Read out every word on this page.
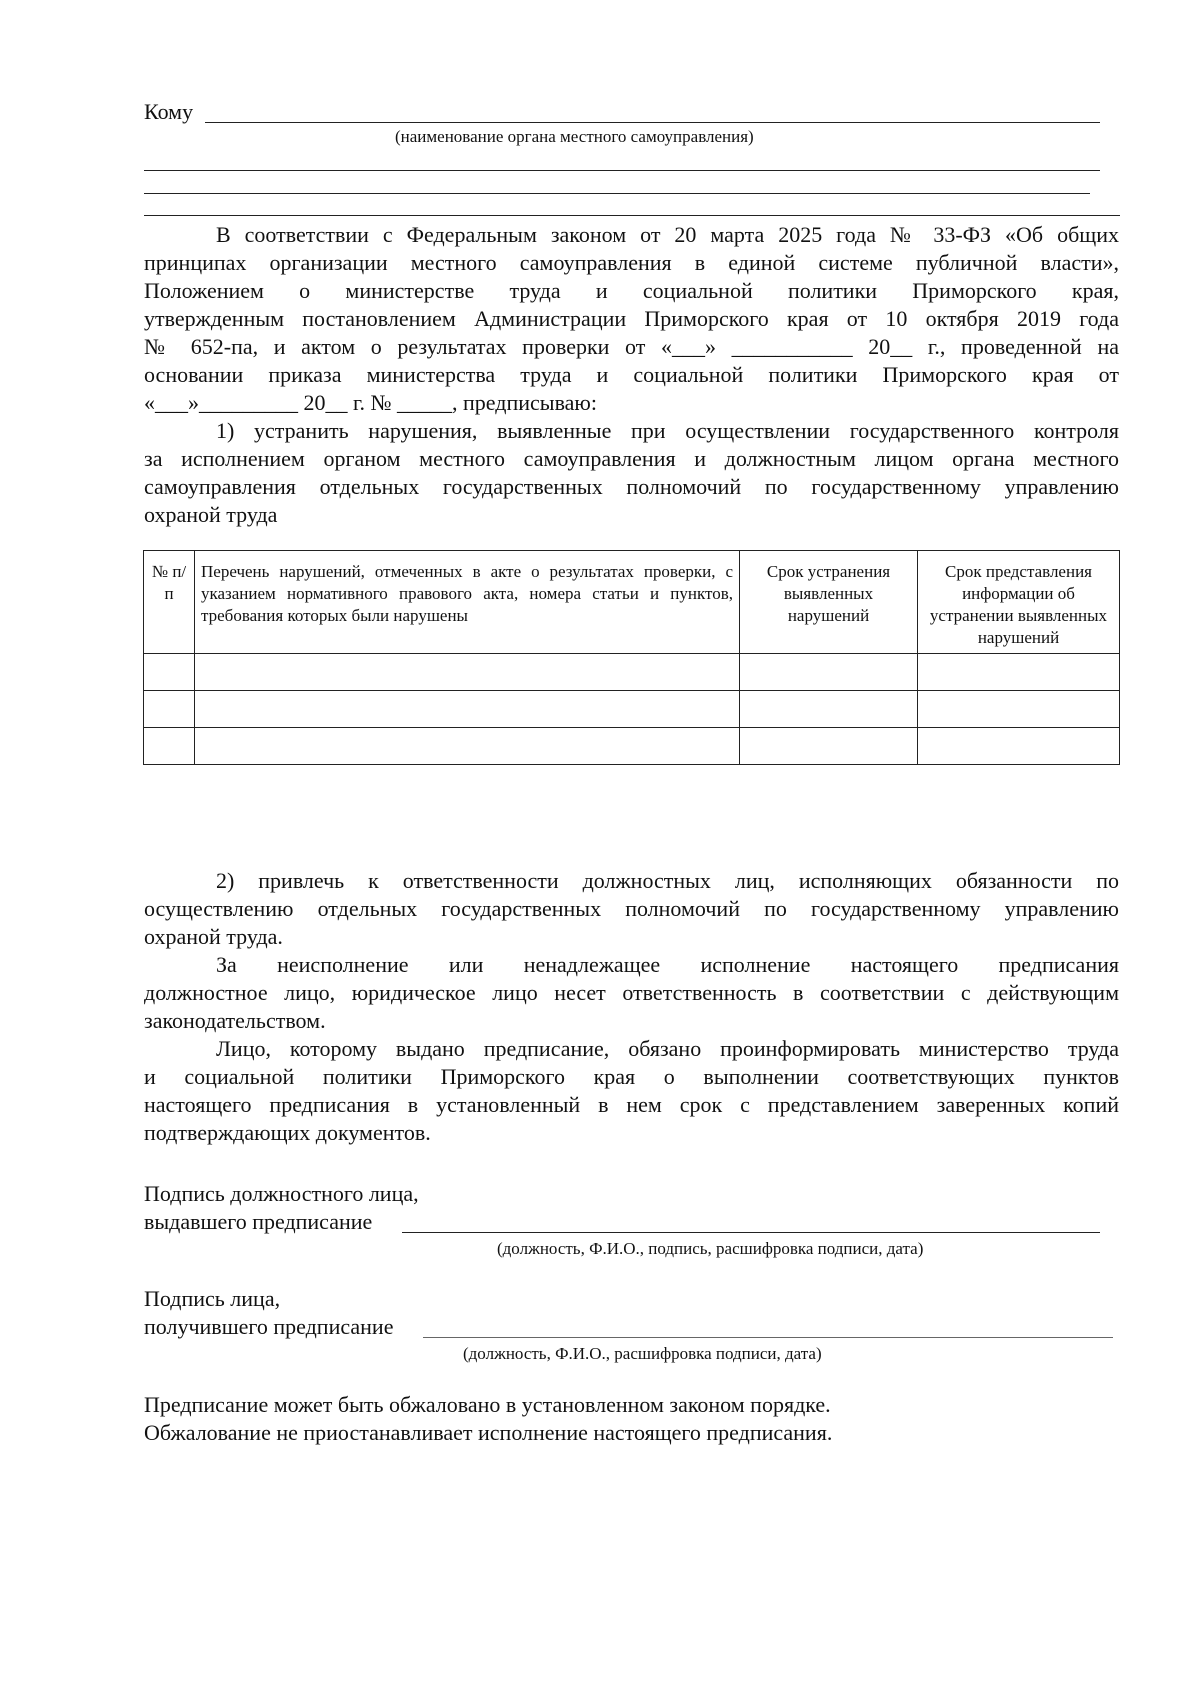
Кому
(наименование органа местного самоуправления)
В соответствии с Федеральным законом от 20 марта 2025 года № 33-ФЗ «Об общих
принципах организации местного самоуправления в единой системе публичной власти»,
Положением о министерстве труда и социальной политики Приморского края,
утвержденным постановлением Администрации Приморского края от 10 октября 2019 года
№ 652-па, и актом о результатах проверки от «___» ___________ 20__ г., проведенной на
основании приказа министерства труда и социальной политики Приморского края от
«___»_________ 20__ г. № _____, предписываю:
1) устранить нарушения, выявленные при осуществлении государственного контроля
за исполнением органом местного самоуправления и должностным лицом органа местного
самоуправления отдельных государственных полномочий по государственному управлению
охраной труда
№ п/п	Перечень нарушений, отмеченных в акте о результатах проверки, с указанием нормативного правового акта, номера статьи и пунктов, требования которых были нарушены	Срок устранения выявленных нарушений	Срок представления информации об устранении выявленных нарушений

2) привлечь к ответственности должностных лиц, исполняющих обязанности по
осуществлению отдельных государственных полномочий по государственному управлению
охраной труда.
За неисполнение или ненадлежащее исполнение настоящего предписания
должностное лицо, юридическое лицо несет ответственность в соответствии с действующим
законодательством.
Лицо, которому выдано предписание, обязано проинформировать министерство труда
и социальной политики Приморского края о выполнении соответствующих пунктов
настоящего предписания в установленный в нем срок с представлением заверенных копий
подтверждающих документов.
Подпись должностного лица,
выдавшего предписание
(должность, Ф.И.О., подпись, расшифровка подписи, дата)
Подпись лица,
получившего предписание
(должность, Ф.И.О., расшифровка подписи, дата)
Предписание может быть обжаловано в установленном законом порядке.
Обжалование не приостанавливает исполнение настоящего предписания.
